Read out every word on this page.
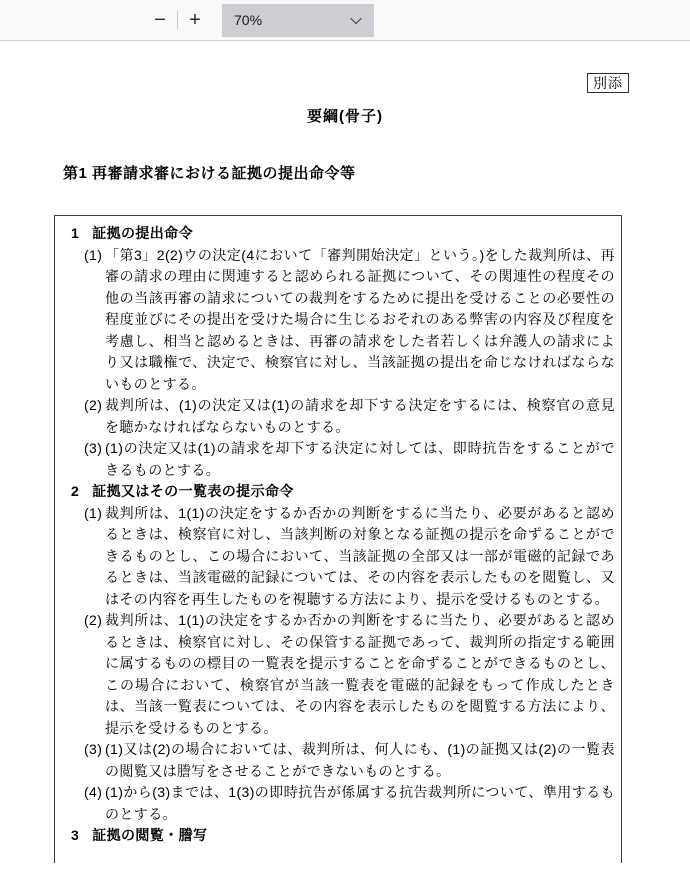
−	+	70%
別添
要綱(骨子)
第1 再審請求審における証拠の提出命令等
1 証拠の提出命令
(1) 「第3」2(2)ウの決定(4において「審判開始決定」という。)をした裁判所は、再審の請求の理由に関連すると認められる証拠について、その関連性の程度その他の当該再審の請求についての裁判をするために提出を受けることの必要性の程度並びにその提出を受けた場合に生じるおそれのある弊害の内容及び程度を考慮し、相当と認めるときは、再審の請求をした者若しくは弁護人の請求により又は職権で、決定で、検察官に対し、当該証拠の提出を命じなければならないものとする。
(2) 裁判所は、(1)の決定又は(1)の請求を却下する決定をするには、検察官の意見を聴かなければならないものとする。
(3) (1)の決定又は(1)の請求を却下する決定に対しては、即時抗告をすることができるものとする。
2 証拠又はその一覧表の提示命令
(1) 裁判所は、1(1)の決定をするか否かの判断をするに当たり、必要があると認めるときは、検察官に対し、当該判断の対象となる証拠の提示を命ずることができるものとし、この場合において、当該証拠の全部又は一部が電磁的記録であるときは、当該電磁的記録については、その内容を表示したものを閲覧し、又はその内容を再生したものを視聴する方法により、提示を受けるものとする。
(2) 裁判所は、1(1)の決定をするか否かの判断をするに当たり、必要があると認めるときは、検察官に対し、その保管する証拠であって、裁判所の指定する範囲に属するものの標目の一覧表を提示することを命ずることができるものとし、この場合において、検察官が当該一覧表を電磁的記録をもって作成したときは、当該一覧表については、その内容を表示したものを閲覧する方法により、提示を受けるものとする。
(3) (1)又は(2)の場合においては、裁判所は、何人にも、(1)の証拠又は(2)の一覧表の閲覧又は謄写をさせることができないものとする。
(4) (1)から(3)までは、1(3)の即時抗告が係属する抗告裁判所について、準用するものとする。
3 証拠の閲覧・謄写
